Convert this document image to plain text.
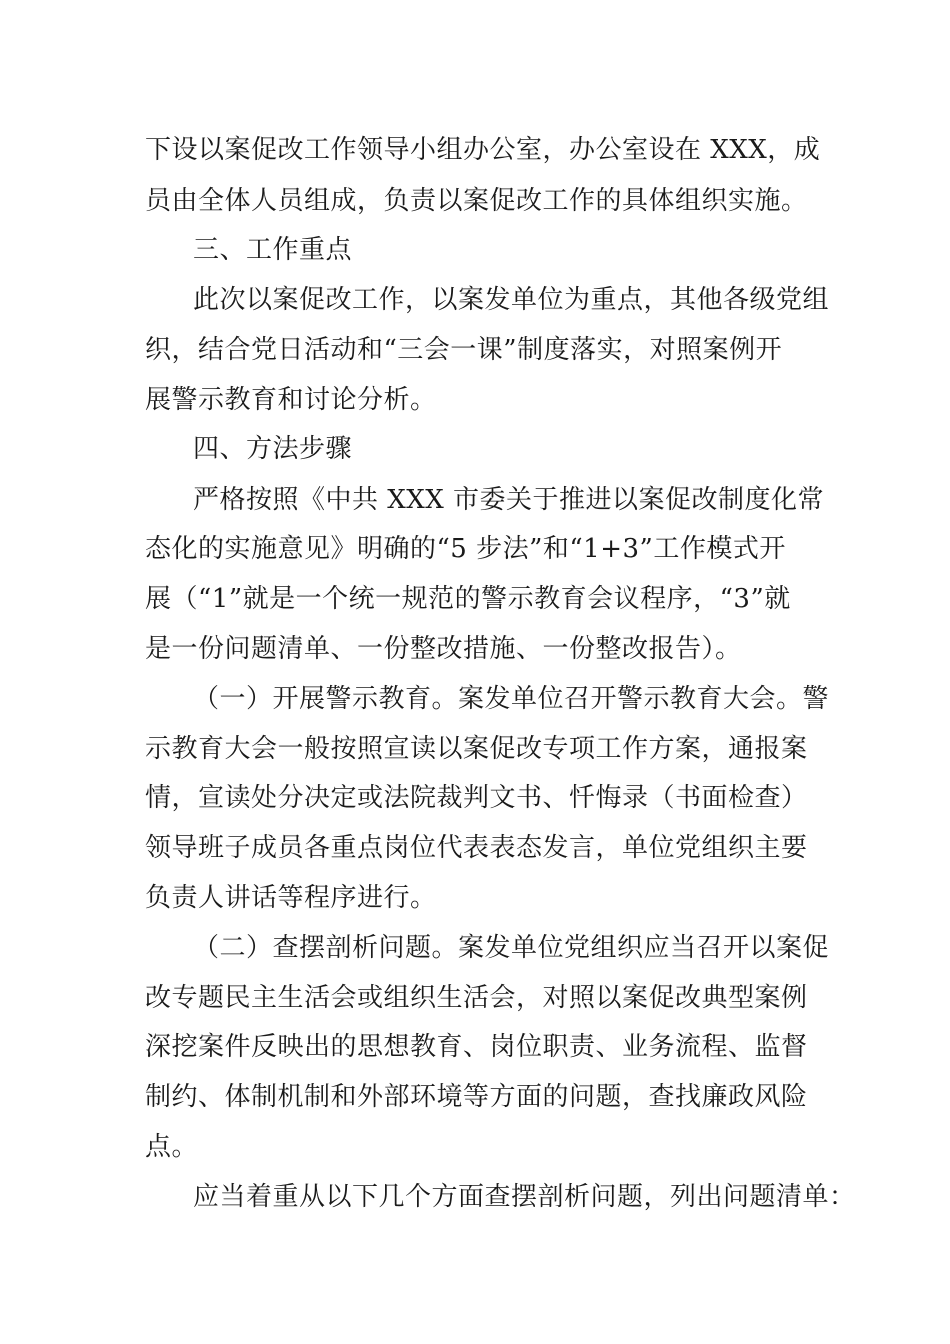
下设以案促改工作领导小组办公室，办公室设在 XXX，成
员由全体人员组成，负责以案促改工作的具体组织实施。
三、工作重点
此次以案促改工作，以案发单位为重点，其他各级党组
织，结合党日活动和“三会一课”制度落实，对照案例开
展警示教育和讨论分析。
四、方法步骤
严格按照《中共 XXX 市委关于推进以案促改制度化常
态化的实施意见》明确的“5 步法”和“1+3”工作模式开
展（“1”就是一个统一规范的警示教育会议程序，“3”就
是一份问题清单、一份整改措施、一份整改报告）。
（一）开展警示教育。案发单位召开警示教育大会。警
示教育大会一般按照宣读以案促改专项工作方案，通报案
情，宣读处分决定或法院裁判文书、忏悔录（书面检查）
领导班子成员各重点岗位代表表态发言，单位党组织主要
负责人讲话等程序进行。
（二）查摆剖析问题。案发单位党组织应当召开以案促
改专题民主生活会或组织生活会，对照以案促改典型案例
深挖案件反映出的思想教育、岗位职责、业务流程、监督
制约、体制机制和外部环境等方面的问题，查找廉政风险
点。
应当着重从以下几个方面查摆剖析问题，列出问题清单：
